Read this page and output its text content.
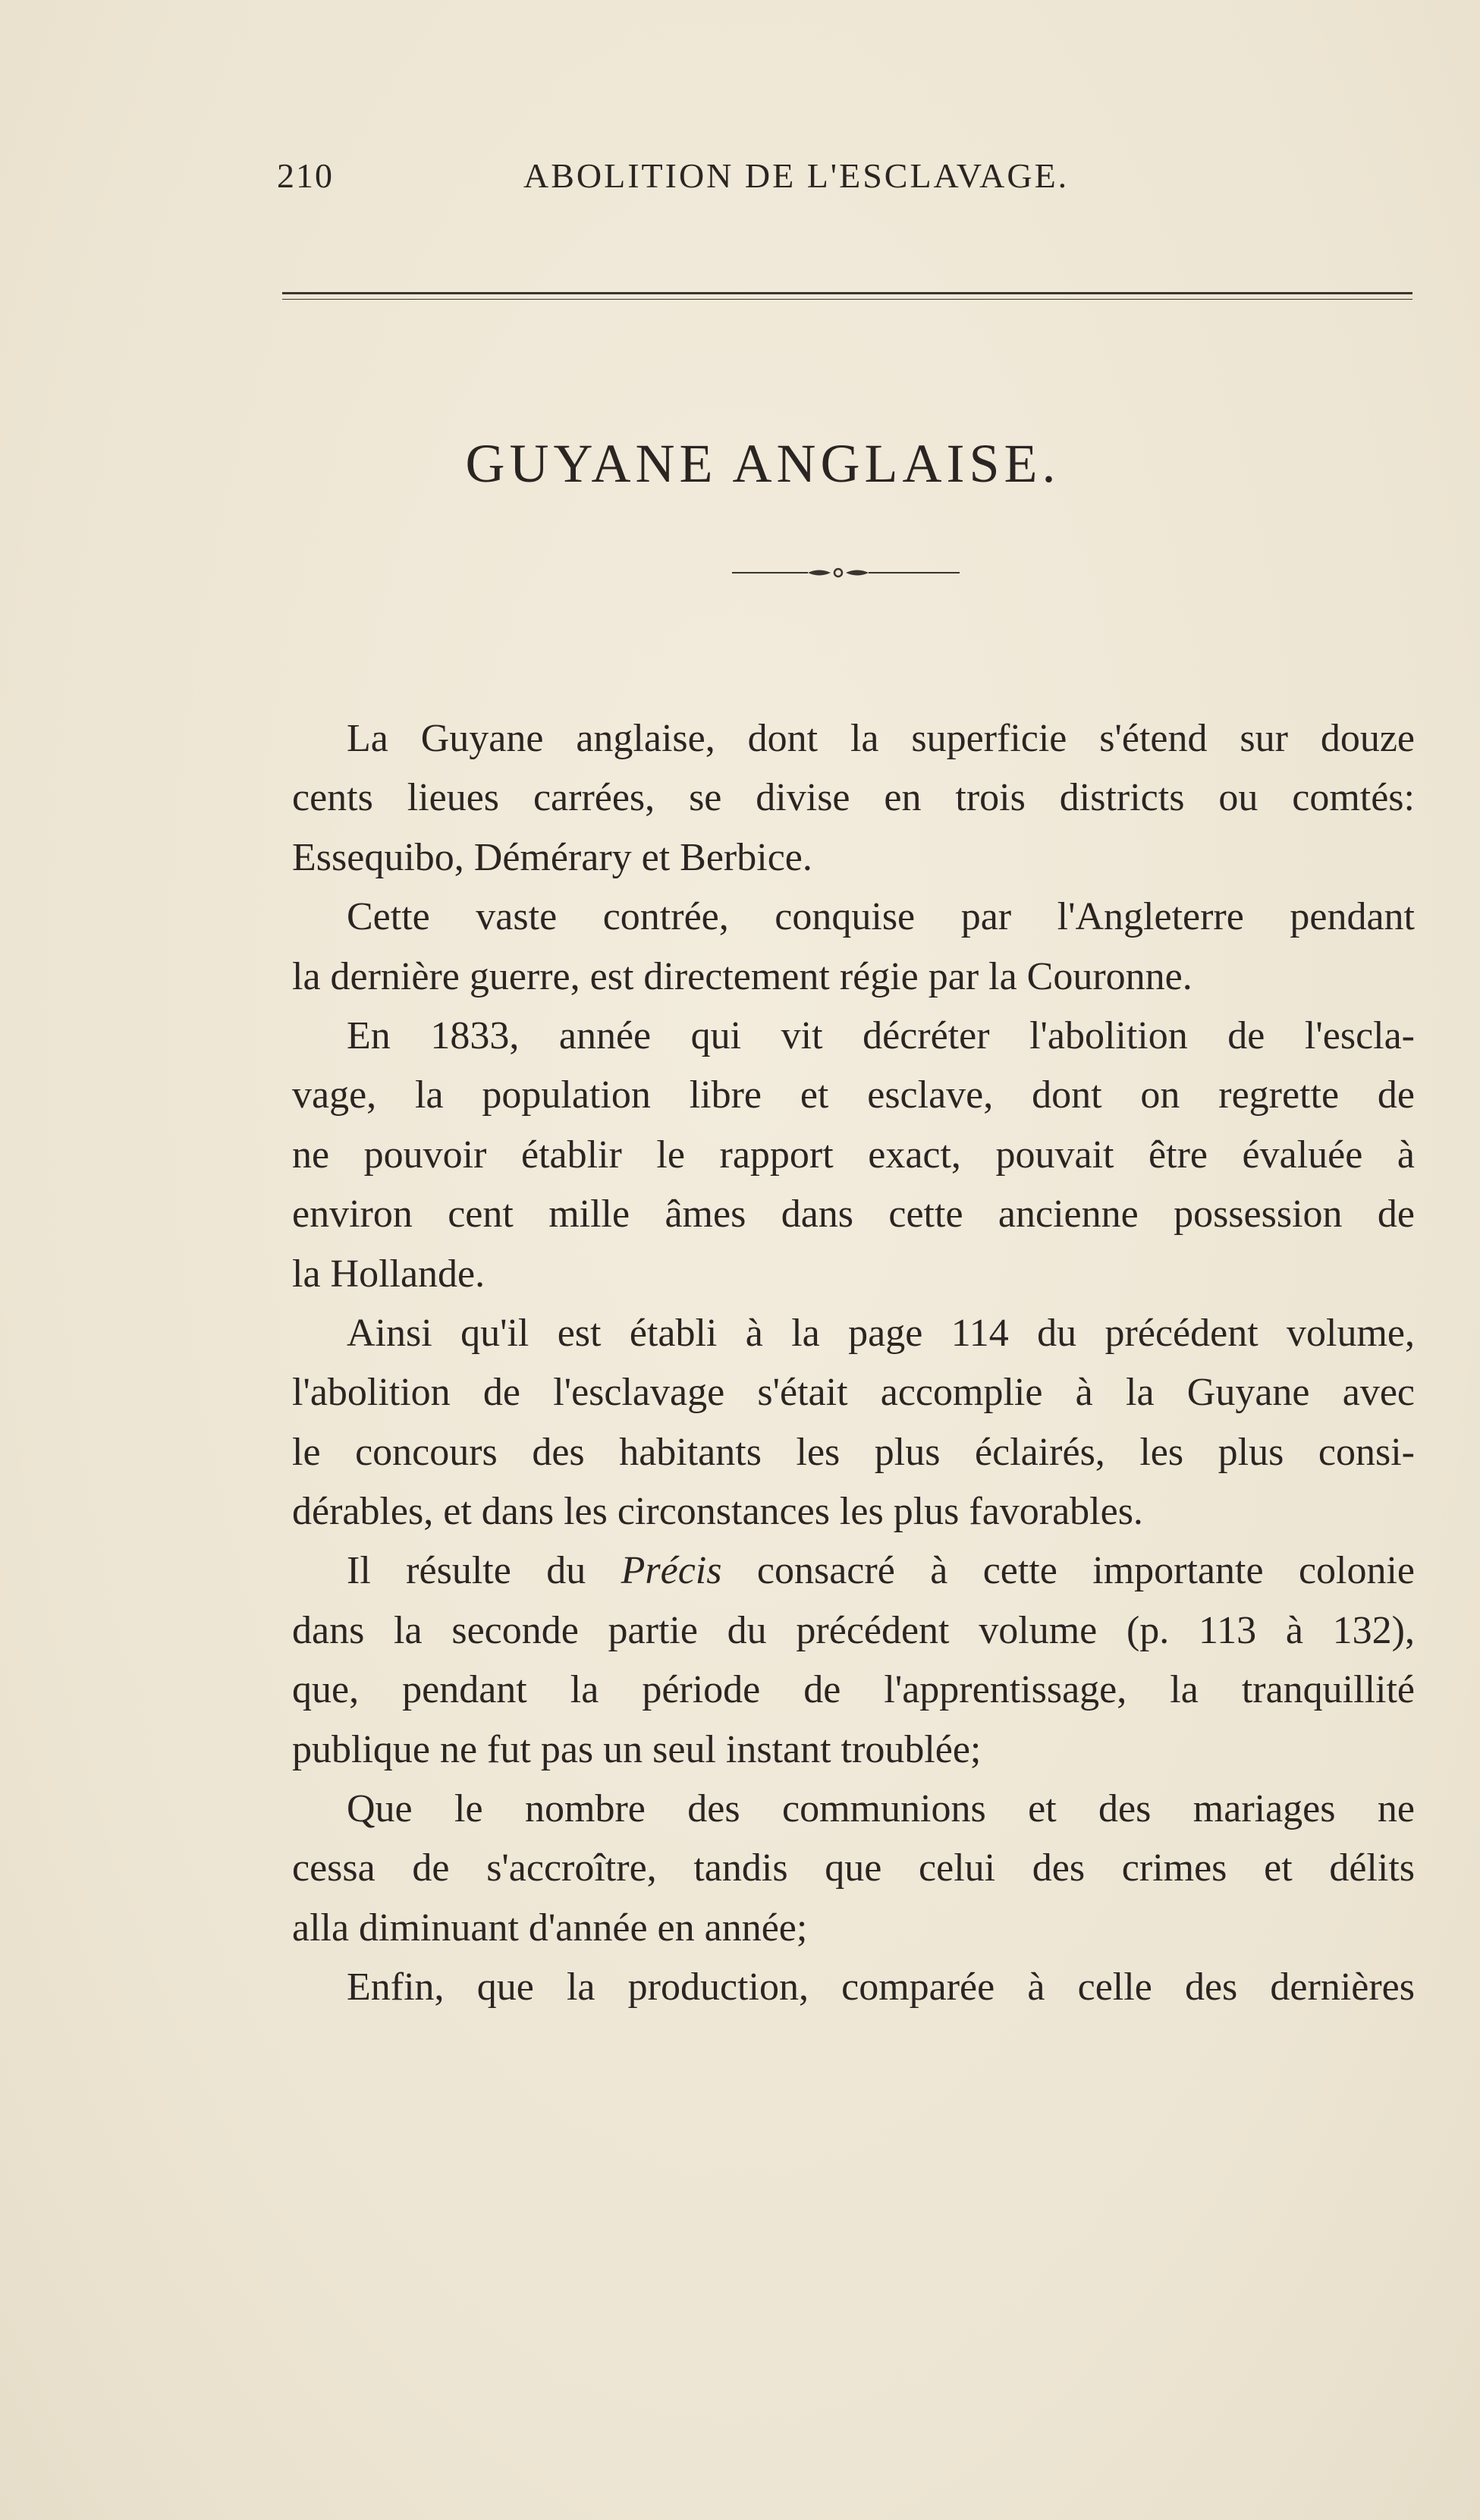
210	ABOLITION DE L'ESCLAVAGE.
GUYANE ANGLAISE.
La Guyane anglaise, dont la superficie s'étend sur douze
cents lieues carrées, se divise en trois districts ou comtés:
Essequibo, Démérary et Berbice.
Cette vaste contrée, conquise par l'Angleterre pendant
la dernière guerre, est directement régie par la Couronne.
En 1833, année qui vit décréter l'abolition de l'escla-
vage, la population libre et esclave, dont on regrette de
ne pouvoir établir le rapport exact, pouvait être évaluée à
environ cent mille âmes dans cette ancienne possession de
la Hollande.
Ainsi qu'il est établi à la page 114 du précédent volume,
l'abolition de l'esclavage s'était accomplie à la Guyane avec
le concours des habitants les plus éclairés, les plus consi-
dérables, et dans les circonstances les plus favorables.
Il résulte du Précis consacré à cette importante colonie
dans la seconde partie du précédent volume (p. 113 à 132),
que, pendant la période de l'apprentissage, la tranquillité
publique ne fut pas un seul instant troublée;
Que le nombre des communions et des mariages ne
cessa de s'accroître, tandis que celui des crimes et délits
alla diminuant d'année en année;
Enfin, que la production, comparée à celle des dernières
